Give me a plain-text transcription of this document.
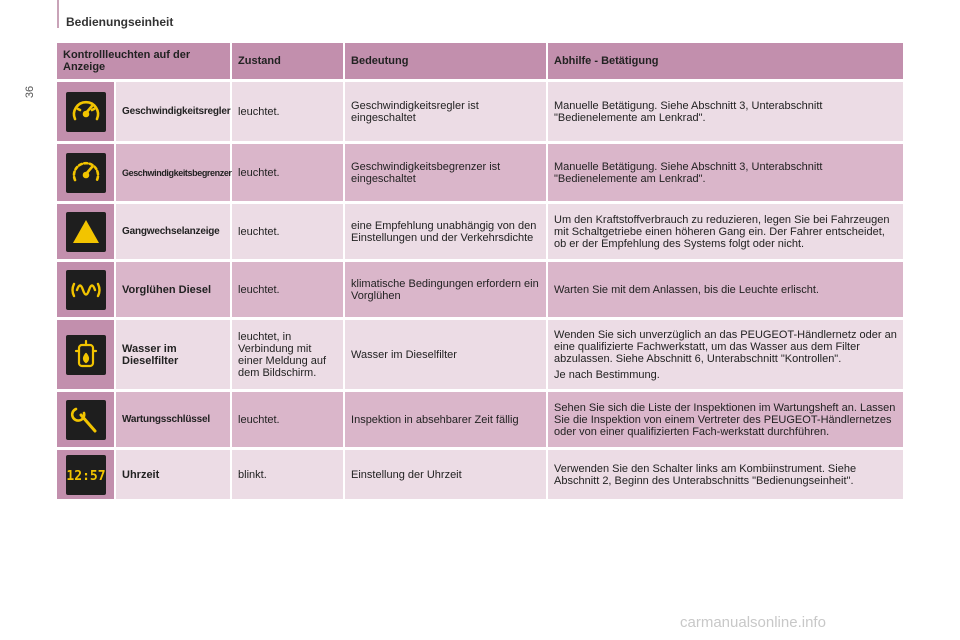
Bedienungseinheit
36
Kontrollleuchten auf der Anzeige		Zustand	Bedeutung	Abhilfe - Betätigung

	Geschwindigkeitsregler	leuchtet.	Geschwindigkeitsregler ist eingeschaltet	Manuelle Betätigung. Siehe Abschnitt 3, Unterabschnitt "Bedienelemente am Lenkrad".

	Geschwindigkeitsbegrenzer	leuchtet.	Geschwindigkeitsbegrenzer ist eingeschaltet	Manuelle Betätigung. Siehe Abschnitt 3, Unterabschnitt "Bedienelemente am Lenkrad".

	Gangwechselanzeige	leuchtet.	eine Empfehlung unabhängig von den Einstellungen und der Verkehrsdichte	Um den Kraftstoffverbrauch zu reduzieren, legen Sie bei Fahrzeugen mit Schaltgetriebe einen höheren Gang ein. Der Fahrer entscheidet, ob er der Empfehlung des Systems folgt oder nicht.

	Vorglühen Diesel	leuchtet.	klimatische Bedingungen erfordern ein Vorglühen	Warten Sie mit dem Anlassen, bis die Leuchte erlischt.

	Wasser im Dieselfilter	leuchtet, in Verbindung mit einer Meldung auf dem Bildschirm.	Wasser im Dieselfilter	Wenden Sie sich unverzüglich an das PEUGEOT-Händlernetz oder an eine qualifizierte Fachwerkstatt, um das Wasser aus dem Filter abzulassen. Siehe Abschnitt 6, Unterabschnitt "Kontrollen".

Je nach Bestimmung.

	Wartungsschlüssel	leuchtet.	Inspektion in absehbarer Zeit fällig	Sehen Sie sich die Liste der Inspektionen im Wartungsheft an. Lassen Sie die Inspektion von einem Vertreter des PEUGEOT-Händlernetzes oder von einer qualifizierten Fach-werkstatt durchführen.

12:57	Uhrzeit	blinkt.	Einstellung der Uhrzeit	Verwenden Sie den Schalter links am Kombiinstrument. Siehe Abschnitt 2, Beginn des Unterabschnitts "Bedienungseinheit".
carmanualsonline.info
